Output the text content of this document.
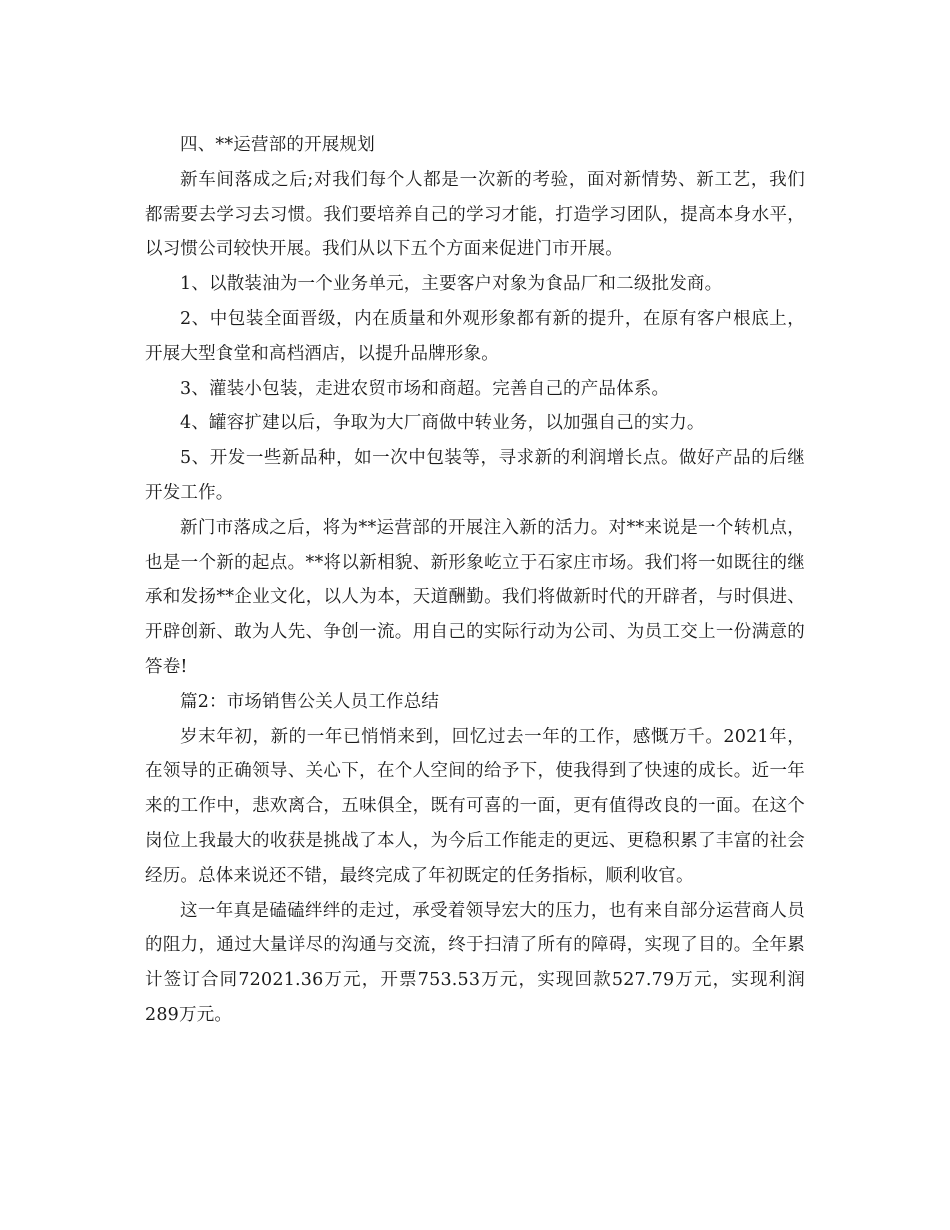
四、**运营部的开展规划

新车间落成之后;对我们每个人都是一次新的考验，面对新情势、新工艺，我们都需要去学习去习惯。我们要培养自己的学习才能，打造学习团队，提高本身水平，以习惯公司较快开展。我们从以下五个方面来促进门市开展。

1、以散装油为一个业务单元，主要客户对象为食品厂和二级批发商。

2、中包装全面晋级，内在质量和外观形象都有新的提升，在原有客户根底上，开展大型食堂和高档酒店，以提升品牌形象。

3、灌装小包装，走进农贸市场和商超。完善自己的产品体系。

4、罐容扩建以后，争取为大厂商做中转业务，以加强自己的实力。

5、开发一些新品种，如一次中包装等，寻求新的利润增长点。做好产品的后继开发工作。

新门市落成之后，将为**运营部的开展注入新的活力。对**来说是一个转机点，也是一个新的起点。**将以新相貌、新形象屹立于石家庄市场。我们将一如既往的继承和发扬**企业文化，以人为本，天道酬勤。我们将做新时代的开辟者，与时俱进、开辟创新、敢为人先、争创一流。用自己的实际行动为公司、为员工交上一份满意的答卷!

篇2：市场销售公关人员工作总结

岁末年初，新的一年已悄悄来到，回忆过去一年的工作，感慨万千。2021年，在领导的正确领导、关心下，在个人空间的给予下，使我得到了快速的成长。近一年来的工作中，悲欢离合，五味俱全，既有可喜的一面，更有值得改良的一面。在这个岗位上我最大的收获是挑战了本人，为今后工作能走的更远、更稳积累了丰富的社会经历。总体来说还不错，最终完成了年初既定的任务指标，顺利收官。

这一年真是磕磕绊绊的走过，承受着领导宏大的压力，也有来自部分运营商人员的阻力，通过大量详尽的沟通与交流，终于扫清了所有的障碍，实现了目的。全年累计签订合同72021.36万元，开票753.53万元，实现回款527.79万元，实现利润289万元。
